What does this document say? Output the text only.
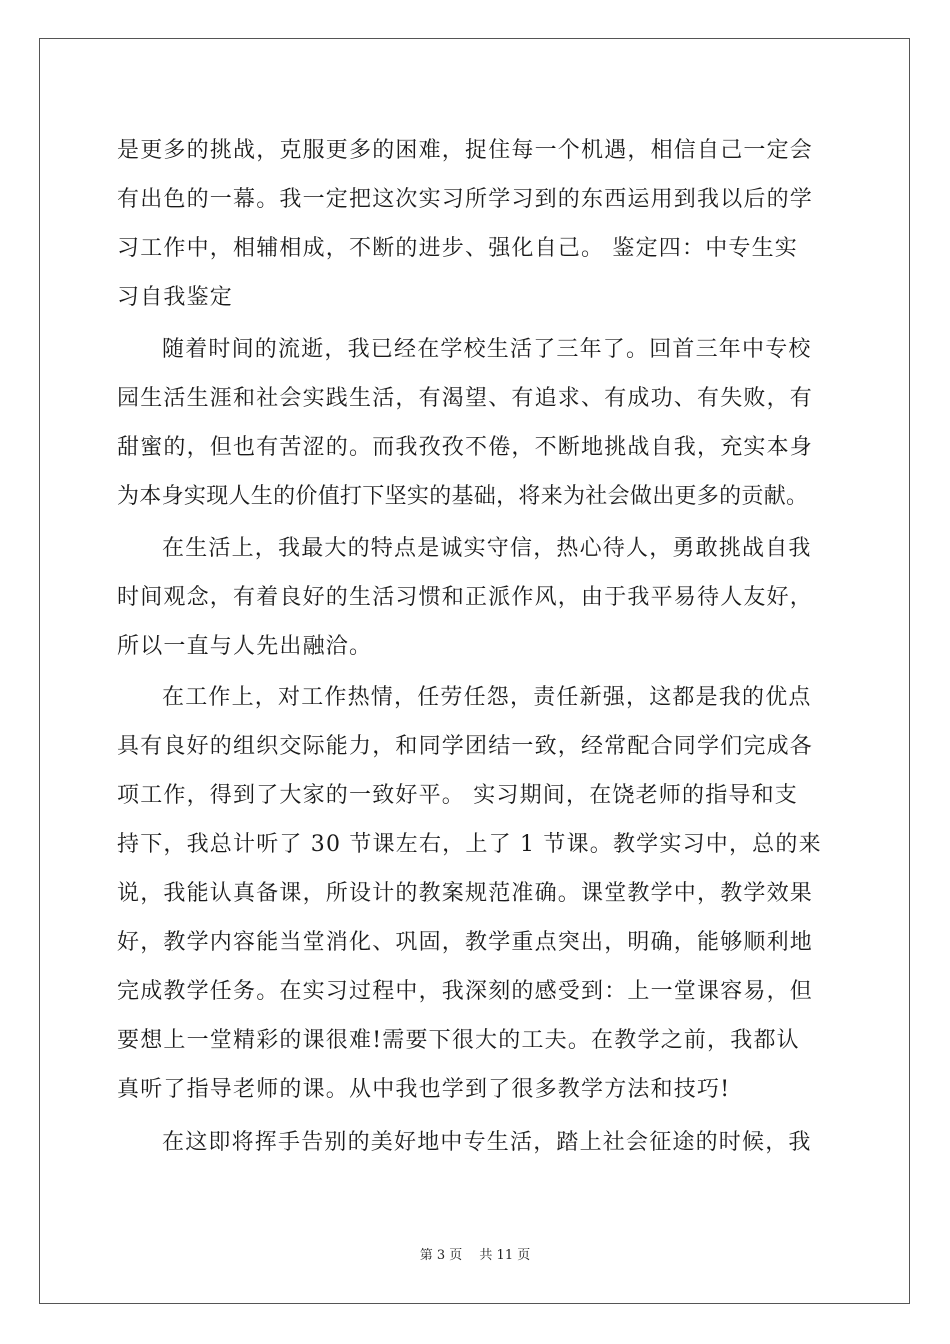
是更多的挑战，克服更多的困难，捉住每一个机遇，相信自己一定会
有出色的一幕。我一定把这次实习所学习到的东西运用到我以后的学
习工作中，相辅相成，不断的进步、强化自己。 鉴定四：中专生实
习自我鉴定
随着时间的流逝，我已经在学校生活了三年了。回首三年中专校
园生活生涯和社会实践生活，有渴望、有追求、有成功、有失败，有
甜蜜的，但也有苦涩的。而我孜孜不倦，不断地挑战自我，充实本身
为本身实现人生的价值打下坚实的基础，将来为社会做出更多的贡献。
在生活上，我最大的特点是诚实守信，热心待人，勇敢挑战自我
时间观念，有着良好的生活习惯和正派作风，由于我平易待人友好，
所以一直与人先出融洽。
在工作上，对工作热情，任劳任怨，责任新强，这都是我的优点
具有良好的组织交际能力，和同学团结一致，经常配合同学们完成各
项工作，得到了大家的一致好平。 实习期间，在饶老师的指导和支
持下，我总计听了 30 节课左右，上了 1 节课。教学实习中，总的来
说，我能认真备课，所设计的教案规范准确。课堂教学中，教学效果
好，教学内容能当堂消化、巩固，教学重点突出，明确，能够顺利地
完成教学任务。在实习过程中，我深刻的感受到：上一堂课容易，但
要想上一堂精彩的课很难!需要下很大的工夫。在教学之前，我都认
真听了指导老师的课。从中我也学到了很多教学方法和技巧!
在这即将挥手告别的美好地中专生活，踏上社会征途的时候，我
第 3 页　 共 11 页
